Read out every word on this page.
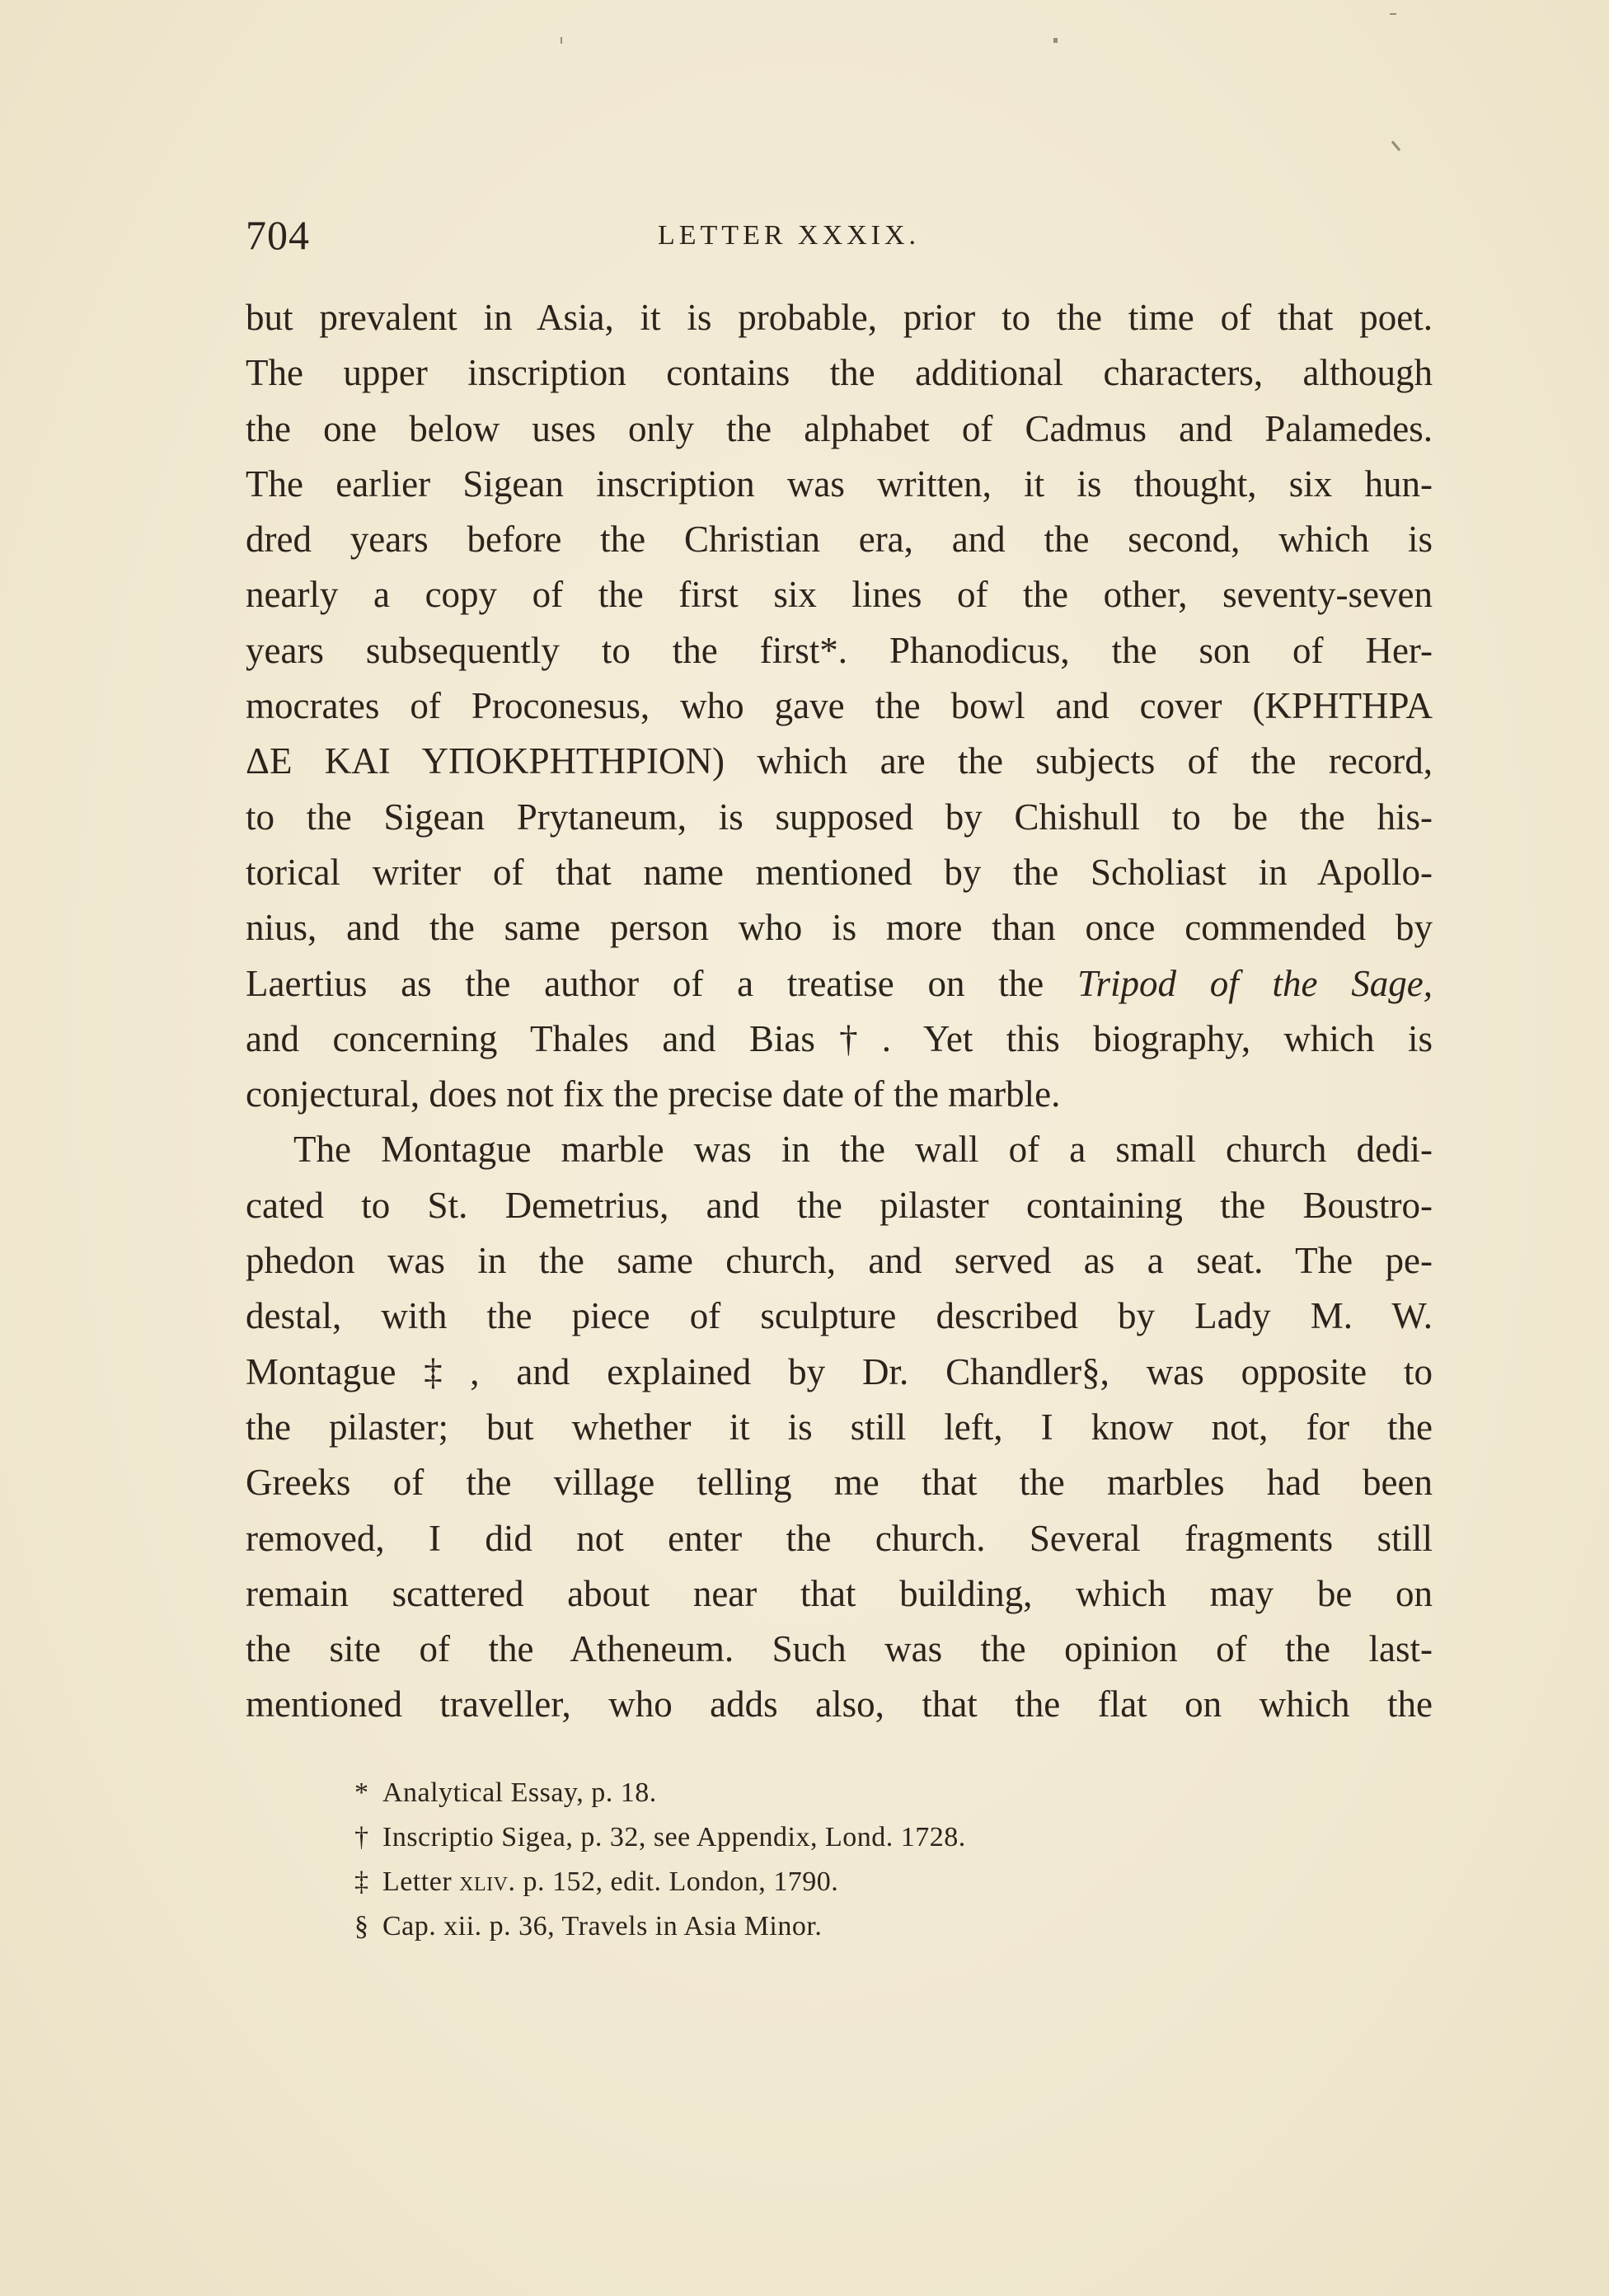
704	LETTER XXXIX.
but prevalent in Asia, it is probable, prior to the time of that poet.
The upper inscription contains the additional characters, although
the one below uses only the alphabet of Cadmus and Palamedes.
The earlier Sigean inscription was written, it is thought, six hun-
dred years before the Christian era, and the second, which is
nearly a copy of the first six lines of the other, seventy-seven
years subsequently to the first*. Phanodicus, the son of Her-
mocrates of Proconesus, who gave the bowl and cover (ΚΡΗΤΗΡΑ
ΔΕ ΚΑΙ ΥΠΟΚΡΗΤΗΡΙΟΝ) which are the subjects of the record,
to the Sigean Prytaneum, is supposed by Chishull to be the his-
torical writer of that name mentioned by the Scholiast in Apollo-
nius, and the same person who is more than once commended by
Laertius as the author of a treatise on the Tripod of the Sage,
and concerning Thales and Bias†. Yet this biography, which is
conjectural, does not fix the precise date of the marble.
The Montague marble was in the wall of a small church dedi-
cated to St. Demetrius, and the pilaster containing the Boustro-
phedon was in the same church, and served as a seat. The pe-
destal, with the piece of sculpture described by Lady M. W.
Montague‡, and explained by Dr. Chandler§, was opposite to
the pilaster; but whether it is still left, I know not, for the
Greeks of the village telling me that the marbles had been
removed, I did not enter the church. Several fragments still
remain scattered about near that building, which may be on
the site of the Atheneum. Such was the opinion of the last-
mentioned traveller, who adds also, that the flat on which the
* Analytical Essay, p. 18.
† Inscriptio Sigea, p. 32, see Appendix, Lond. 1728.
‡ Letter xliv. p. 152, edit. London, 1790.
§ Cap. xii. p. 36, Travels in Asia Minor.
